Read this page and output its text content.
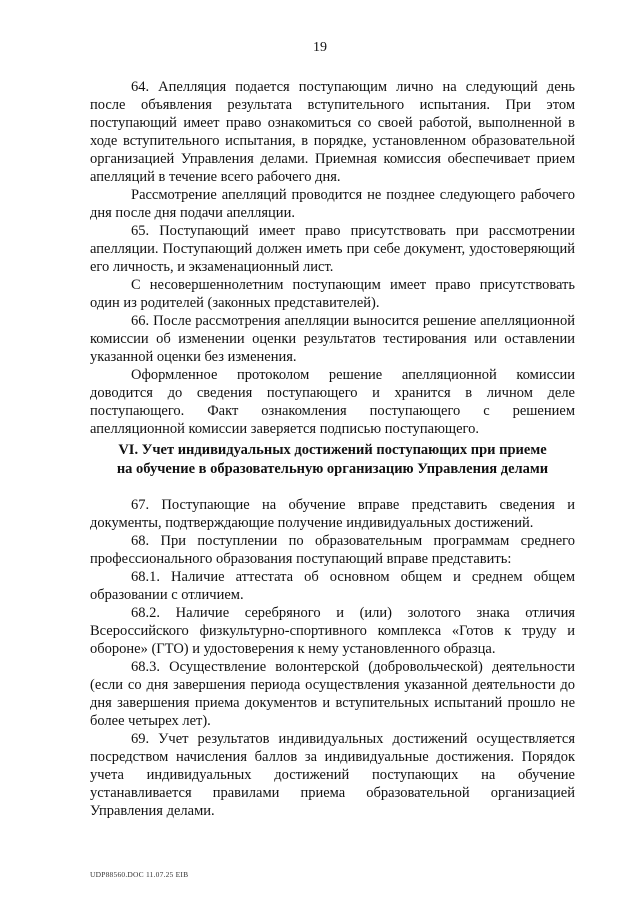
19

64. Апелляция подается поступающим лично на следующий день после объявления результата вступительного испытания. При этом поступающий имеет право ознакомиться со своей работой, выполненной в ходе вступительного испытания, в порядке, установленном образовательной организацией Управления делами. Приемная комиссия обеспечивает прием апелляций в течение всего рабочего дня.

Рассмотрение апелляций проводится не позднее следующего рабочего дня после дня подачи апелляции.

65. Поступающий имеет право присутствовать при рассмотрении апелляции. Поступающий должен иметь при себе документ, удостоверяющий его личность, и экзаменационный лист.

С несовершеннолетним поступающим имеет право присутствовать один из родителей (законных представителей).

66. После рассмотрения апелляции выносится решение апелляционной комиссии об изменении оценки результатов тестирования или оставлении указанной оценки без изменения.

Оформленное протоколом решение апелляционной комиссии доводится до сведения поступающего и хранится в личном деле поступающего. Факт ознакомления поступающего с решением апелляционной комиссии заверяется подписью поступающего.

VI. Учет индивидуальных достижений поступающих при приеме
на обучение в образовательную организацию Управления делами

67. Поступающие на обучение вправе представить сведения и документы, подтверждающие получение индивидуальных достижений.

68. При поступлении по образовательным программам среднего профессионального образования поступающий вправе представить:

68.1. Наличие аттестата об основном общем и среднем общем образовании с отличием.

68.2. Наличие серебряного и (или) золотого знака отличия Всероссийского физкультурно-спортивного комплекса «Готов к труду и обороне» (ГТО) и удостоверения к нему установленного образца.

68.3. Осуществление волонтерской (добровольческой) деятельности (если со дня завершения периода осуществления указанной деятельности до дня завершения приема документов и вступительных испытаний прошло не более четырех лет).

69. Учет результатов индивидуальных достижений осуществляется посредством начисления баллов за индивидуальные достижения. Порядок учета индивидуальных достижений поступающих на обучение устанавливается правилами приема образовательной организацией Управления делами.

UDP88560.DOC 11.07.25 EIB
